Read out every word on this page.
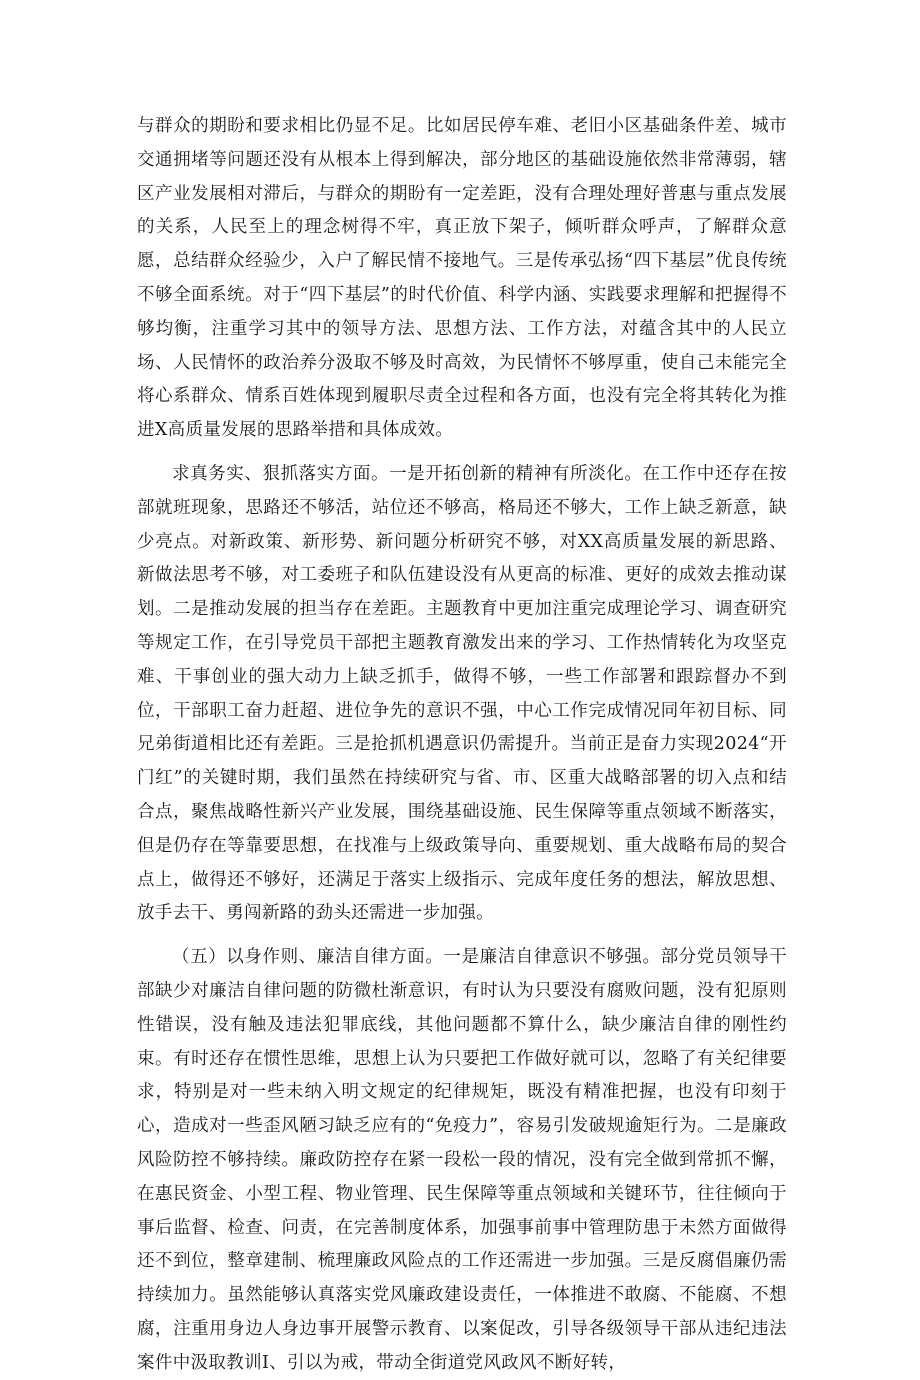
与群众的期盼和要求相比仍显不足。比如居民停车难、老旧小区基础条件差、城市交通拥堵等问题还没有从根本上得到解决，部分地区的基础设施依然非常薄弱，辖区产业发展相对滞后，与群众的期盼有一定差距，没有合理处理好普惠与重点发展的关系，人民至上的理念树得不牢，真正放下架子，倾听群众呼声，了解群众意愿，总结群众经验少，入户了解民情不接地气。三是传承弘扬“四下基层”优良传统不够全面系统。对于“四下基层”的时代价值、科学内涵、实践要求理解和把握得不够均衡，注重学习其中的领导方法、思想方法、工作方法，对蕴含其中的人民立场、人民情怀的政治养分汲取不够及时高效，为民情怀不够厚重，使自己未能完全将心系群众、情系百姓体现到履职尽责全过程和各方面，也没有完全将其转化为推进X高质量发展的思路举措和具体成效。

求真务实、狠抓落实方面。一是开拓创新的精神有所淡化。在工作中还存在按部就班现象，思路还不够活，站位还不够高，格局还不够大，工作上缺乏新意，缺少亮点。对新政策、新形势、新问题分析研究不够，对XX高质量发展的新思路、新做法思考不够，对工委班子和队伍建设没有从更高的标准、更好的成效去推动谋划。二是推动发展的担当存在差距。主题教育中更加注重完成理论学习、调查研究等规定工作，在引导党员干部把主题教育激发出来的学习、工作热情转化为攻坚克难、干事创业的强大动力上缺乏抓手，做得不够，一些工作部署和跟踪督办不到位，干部职工奋力赶超、进位争先的意识不强，中心工作完成情况同年初目标、同兄弟街道相比还有差距。三是抢抓机遇意识仍需提升。当前正是奋力实现2024“开门红”的关键时期，我们虽然在持续研究与省、市、区重大战略部署的切入点和结合点，聚焦战略性新兴产业发展，围绕基础设施、民生保障等重点领域不断落实，但是仍存在等靠要思想，在找准与上级政策导向、重要规划、重大战略布局的契合点上，做得还不够好，还满足于落实上级指示、完成年度任务的想法，解放思想、放手去干、勇闯新路的劲头还需进一步加强。

（五）以身作则、廉洁自律方面。一是廉洁自律意识不够强。部分党员领导干部缺少对廉洁自律问题的防微杜渐意识，有时认为只要没有腐败问题，没有犯原则性错误，没有触及违法犯罪底线，其他问题都不算什么，缺少廉洁自律的刚性约束。有时还存在惯性思维，思想上认为只要把工作做好就可以，忽略了有关纪律要求，特别是对一些未纳入明文规定的纪律规矩，既没有精准把握，也没有印刻于心，造成对一些歪风陋习缺乏应有的“免疫力”，容易引发破规逾矩行为。二是廉政风险防控不够持续。廉政防控存在紧一段松一段的情况，没有完全做到常抓不懈，在惠民资金、小型工程、物业管理、民生保障等重点领域和关键环节，往往倾向于事后监督、检查、问责，在完善制度体系，加强事前事中管理防患于未然方面做得还不到位，整章建制、梳理廉政风险点的工作还需进一步加强。三是反腐倡廉仍需持续加力。虽然能够认真落实党风廉政建设责任，一体推进不敢腐、不能腐、不想腐，注重用身边人身边事开展警示教育、以案促改，引导各级领导干部从违纪违法案件中汲取教训I、引以为戒，带动全街道党风政风不断好转，
